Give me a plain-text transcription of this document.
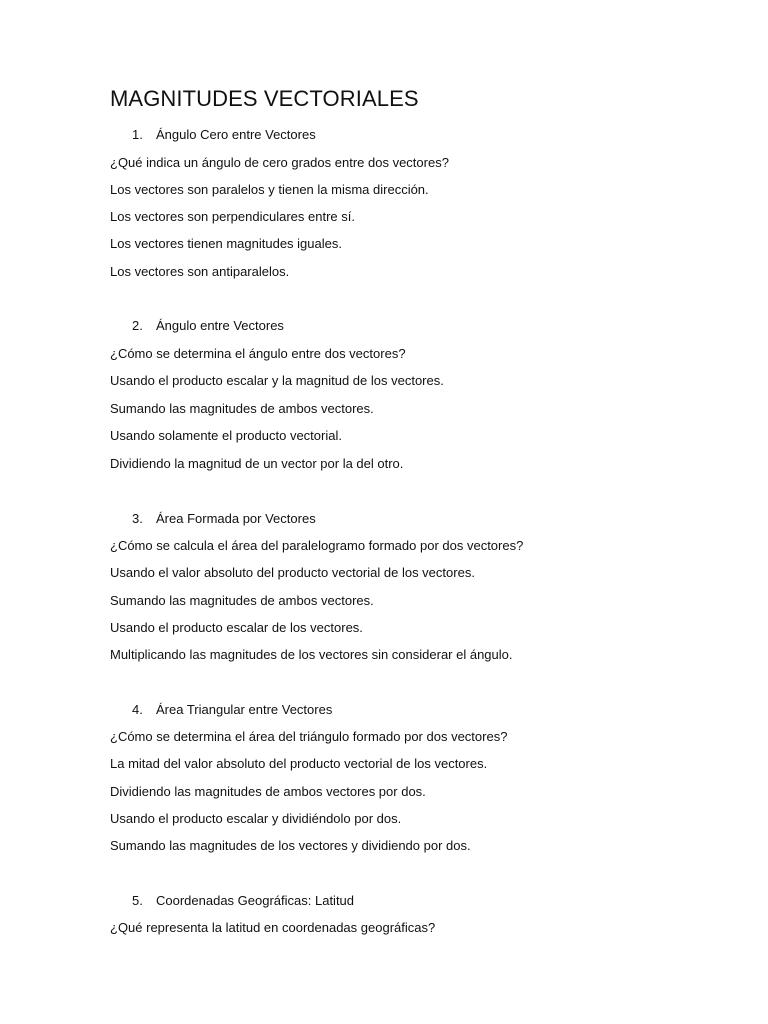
MAGNITUDES VECTORIALES
1. Ángulo Cero entre Vectores
¿Qué indica un ángulo de cero grados entre dos vectores?
Los vectores son paralelos y tienen la misma dirección.
Los vectores son perpendiculares entre sí.
Los vectores tienen magnitudes iguales.
Los vectores son antiparalelos.
2. Ángulo entre Vectores
¿Cómo se determina el ángulo entre dos vectores?
Usando el producto escalar y la magnitud de los vectores.
Sumando las magnitudes de ambos vectores.
Usando solamente el producto vectorial.
Dividiendo la magnitud de un vector por la del otro.
3. Área Formada por Vectores
¿Cómo se calcula el área del paralelogramo formado por dos vectores?
Usando el valor absoluto del producto vectorial de los vectores.
Sumando las magnitudes de ambos vectores.
Usando el producto escalar de los vectores.
Multiplicando las magnitudes de los vectores sin considerar el ángulo.
4. Área Triangular entre Vectores
¿Cómo se determina el área del triángulo formado por dos vectores?
La mitad del valor absoluto del producto vectorial de los vectores.
Dividiendo las magnitudes de ambos vectores por dos.
Usando el producto escalar y dividiéndolo por dos.
Sumando las magnitudes de los vectores y dividiendo por dos.
5. Coordenadas Geográficas: Latitud
¿Qué representa la latitud en coordenadas geográficas?
